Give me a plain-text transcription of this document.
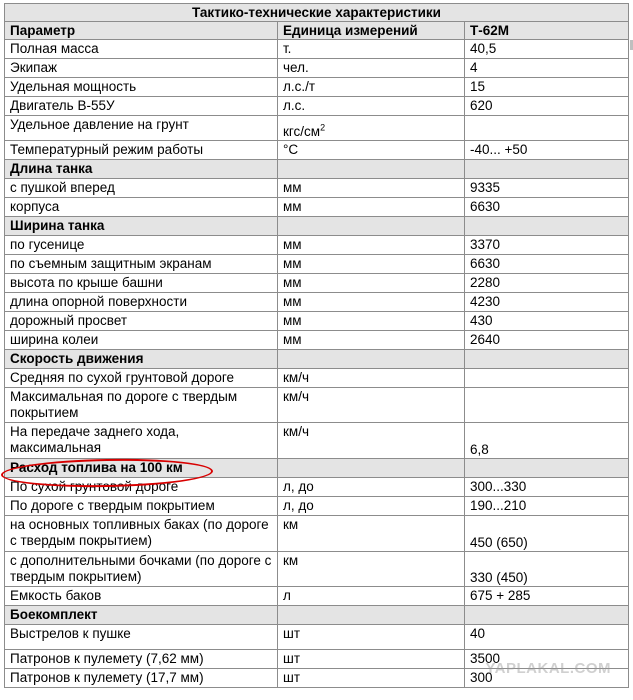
Тактико-технические характеристики		
Параметр	Единица измерений	Т-62М
Полная масса	т.	40,5
Экипаж	чел.	4
Удельная мощность	л.с./т	15
Двигатель В-55У	л.с.	620
Удельное давление на грунт	кгс/$см^2$	
Температурный режим работы	°С	-40... +50
Длина танка		
с пушкой вперед	мм	9335
корпуса	мм	6630
Ширина танка		
по гусенице	мм	3370
по съемным защитным экранам	мм	6630
высота по крыше башни	мм	2280
длина опорной поверхности	мм	4230
дорожный просвет	мм	430
ширина колеи	мм	2640
Скорость движения		
Средняя по сухой грунтовой дороге	км/ч	
Максимальная по дороге с твердым покрытием	км/ч	
На передаче заднего хода, максимальная	км/ч	6,8
Расход топлива на 100 км		
По сухой грунтовой дороге	л, до	300...330
По дороге с твердым покрытием	л, до	190...210
на основных топливных баках (по дороге с твердым покрытием)	км	450 (650)
с дополнительными бочками (по дороге с твердым покрытием)	км	330 (450)
Емкость баков	л	675 + 285
Боекомплект		
Выстрелов к пушке	шт	40
Патронов к пулемету (7,62 мм)	шт	3500
Патронов к пулемету (17,7 мм)	шт	300
YAPLAKAL.COM
